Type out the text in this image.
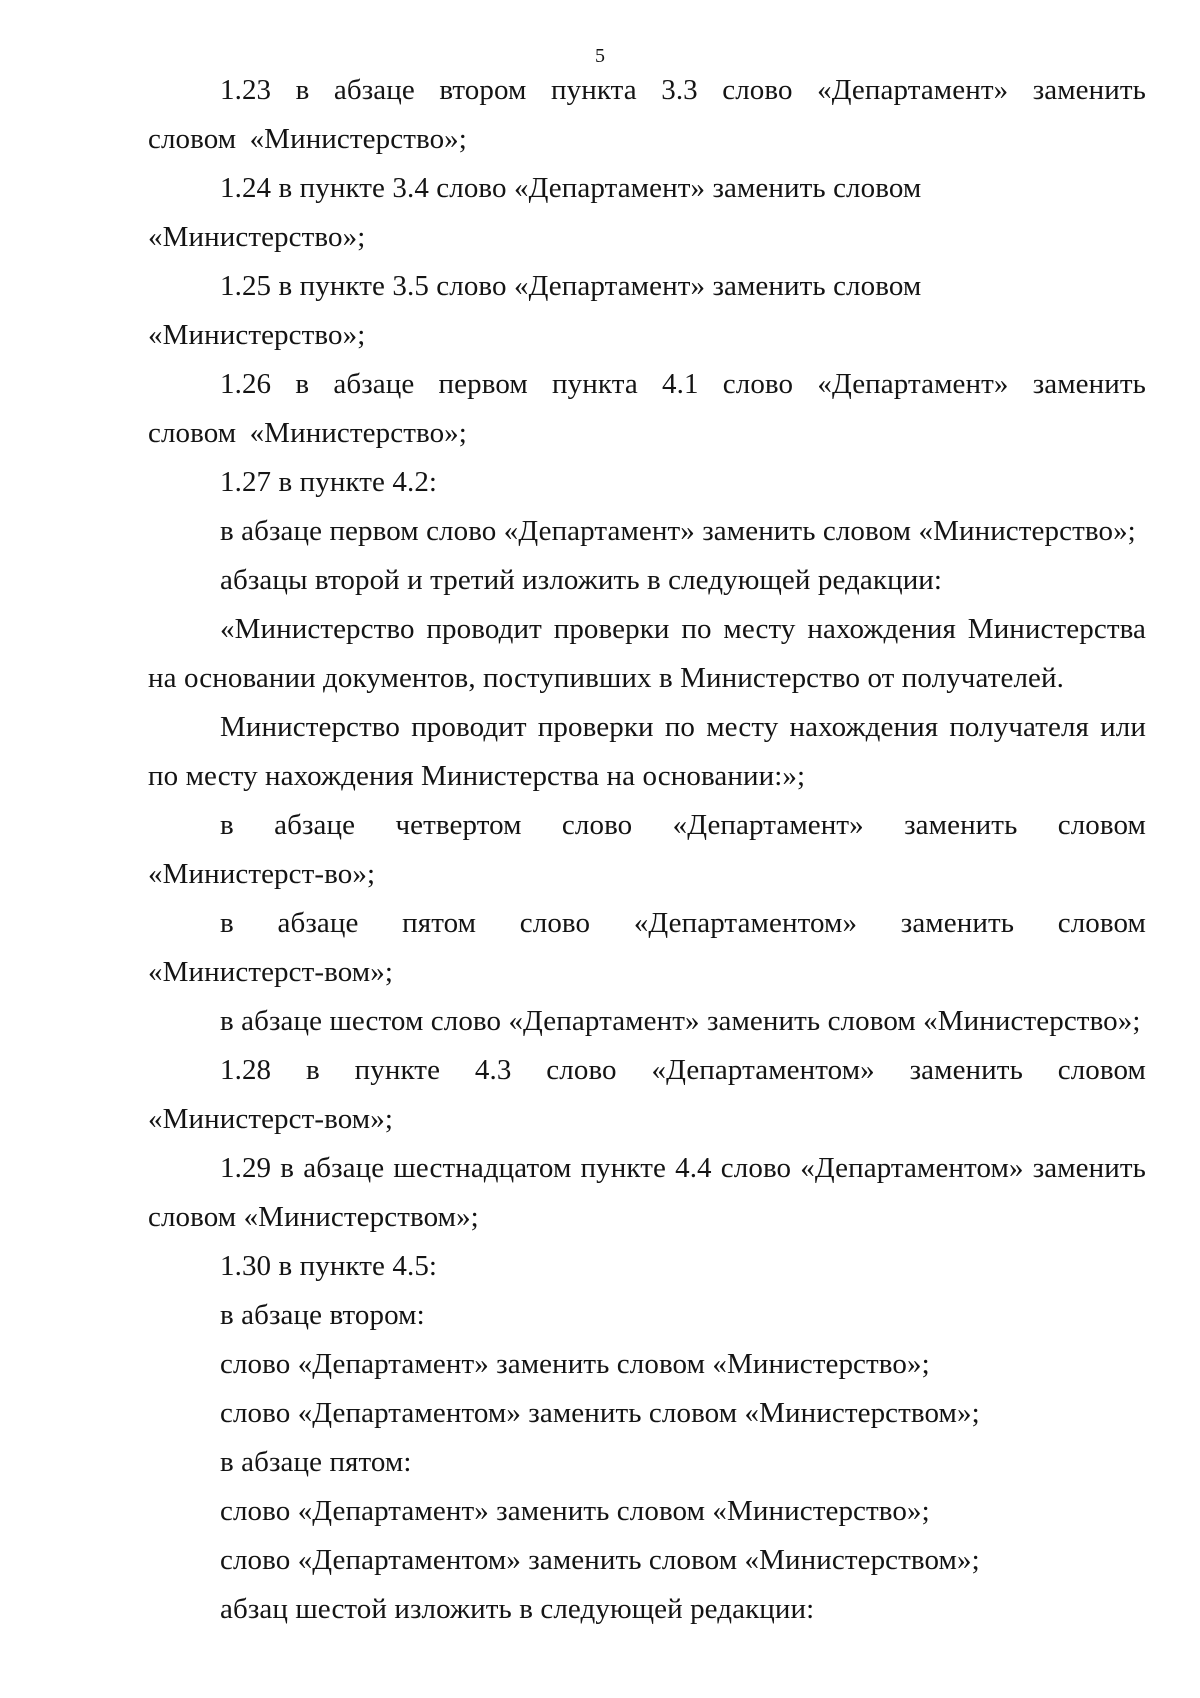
5

1.23 в абзаце втором пункта 3.3 слово «Департамент» заменить словом «Министерство»;

1.24 в пункте 3.4 слово «Департамент» заменить словом «Министерство»;

1.25 в пункте 3.5 слово «Департамент» заменить словом «Министерство»;

1.26 в абзаце первом пункта 4.1 слово «Департамент» заменить словом «Министерство»;

1.27 в пункте 4.2:

в абзаце первом слово «Департамент» заменить словом «Министерство»;

абзацы второй и третий изложить в следующей редакции:

«Министерство проводит проверки по месту нахождения Министерства на основании документов, поступивших в Министерство от получателей.

Министерство проводит проверки по месту нахождения получателя или по месту нахождения Министерства на основании:»;

в абзаце четвертом слово «Департамент» заменить словом «Министерст-во»;

в абзаце пятом слово «Департаментом» заменить словом «Министерст-вом»;

в абзаце шестом слово «Департамент» заменить словом «Министерство»;

1.28 в пункте 4.3 слово «Департаментом» заменить словом «Министерст-вом»;

1.29 в абзаце шестнадцатом пункте 4.4 слово «Департаментом» заменить словом «Министерством»;

1.30 в пункте 4.5:

в абзаце втором:

слово «Департамент» заменить словом «Министерство»;

слово «Департаментом» заменить словом «Министерством»;

в абзаце пятом:

слово «Департамент» заменить словом «Министерство»;

слово «Департаментом» заменить словом «Министерством»;

абзац шестой изложить в следующей редакции:
